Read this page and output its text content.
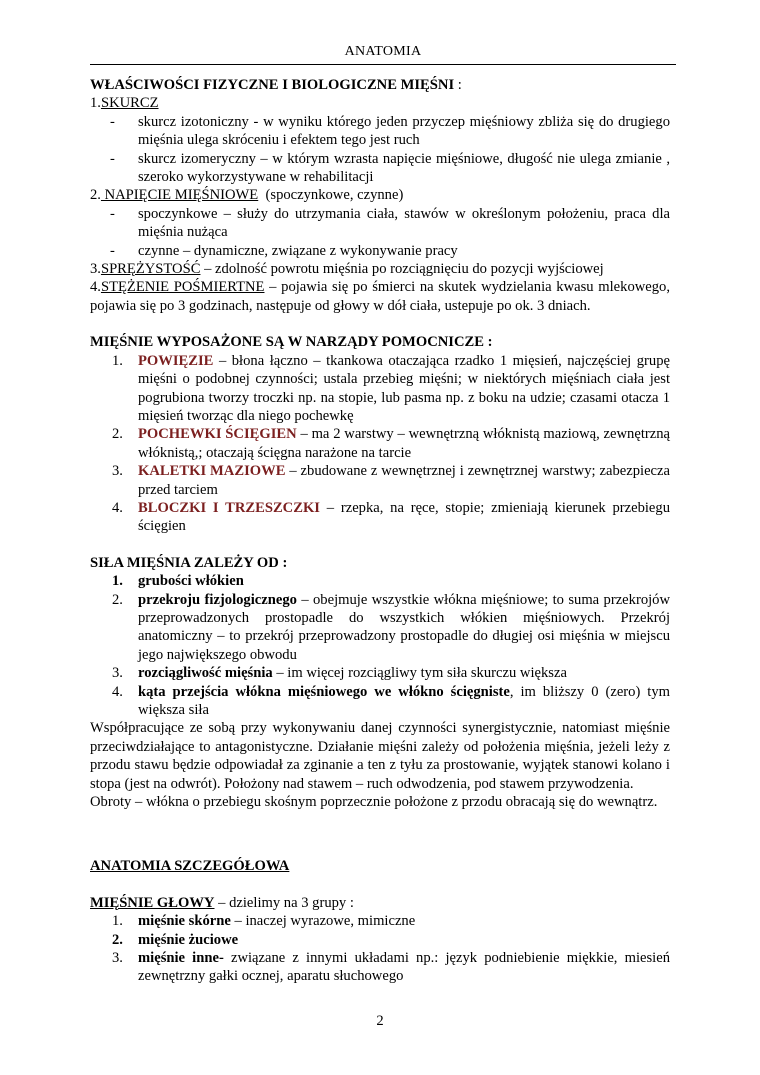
ANATOMIA

WŁAŚCIWOŚCI FIZYCZNE I BIOLOGICZNE MIĘŚNI :

1.SKURCZ

- skurcz izotoniczny - w wyniku którego jeden przyczep mięśniowy zbliża się do drugiego mięśnia ulega skróceniu i efektem tego jest ruch
- skurcz izomeryczny – w którym wzrasta napięcie mięśniowe, długość nie ulega zmianie , szeroko wykorzystywane w rehabilitacji

2. NAPIĘCIE MIĘŚNIOWE  (spoczynkowe, czynne)

- spoczynkowe – służy do utrzymania ciała, stawów w określonym położeniu, praca dla mięśnia nużąca
- czynne – dynamiczne, związane z wykonywanie pracy

3.SPRĘŻYSTOŚĆ – zdolność powrotu mięśnia po rozciągnięciu do pozycji wyjściowej

4.STĘŻENIE POŚMIERTNE – pojawia się po śmierci na skutek wydzielania kwasu mlekowego, pojawia się po 3 godzinach, następuje od głowy w dół ciała, ustepuje po ok. 3 dniach.

MIĘŚNIE WYPOSAŻONE SĄ W NARZĄDY POMOCNICZE :

1. POWIĘZIE – błona łączno – tkankowa otaczająca rzadko 1 mięsień, najczęściej grupę mięśni o podobnej czynności; ustala przebieg mięśni; w niektórych mięśniach ciała jest pogrubiona tworzy troczki np. na stopie, lub pasma np. z boku na udzie; czasami otacza 1 mięsień tworząc dla niego pochewkę
2. POCHEWKI ŚCIĘGIEN – ma 2 warstwy – wewnętrzną włóknistą maziową, zewnętrzną włóknistą,; otaczają ścięgna narażone na tarcie
3. KALETKI MAZIOWE – zbudowane z wewnętrznej i zewnętrznej warstwy; zabezpiecza przed tarciem
4. BLOCZKI I TRZESZCZKI – rzepka, na ręce, stopie; zmieniają kierunek przebiegu ścięgien

SIŁA MIĘŚNIA ZALEŻY OD :

1. grubości włókien
2. przekroju fizjologicznego – obejmuje wszystkie włókna mięśniowe; to suma przekrojów przeprowadzonych prostopadle do wszystkich włókien mięśniowych. Przekrój anatomiczny – to przekrój przeprowadzony prostopadle do długiej osi mięśnia w miejscu jego największego obwodu
3. rozciągliwość mięśnia – im więcej rozciągliwy tym siła skurczu większa
4. kąta przejścia włókna mięśniowego we włókno ścięgniste, im bliższy 0 (zero) tym większa siła

Współpracujące ze sobą przy wykonywaniu danej czynności synergistycznie, natomiast mięśnie przeciwdziałające to antagonistyczne. Działanie mięśni zależy od położenia mięśnia, jeżeli leży z przodu stawu będzie odpowiadał za zginanie a ten z tyłu za prostowanie, wyjątek stanowi kolano i stopa (jest na odwrót). Położony nad stawem – ruch odwodzenia, pod stawem przywodzenia.

Obroty – włókna o przebiegu skośnym poprzecznie położone z przodu obracają się do wewnątrz.

ANATOMIA SZCZEGÓŁOWA

MIĘŚNIE GŁOWY – dzielimy na 3 grupy :

1. mięśnie skórne – inaczej wyrazowe, mimiczne
2. mięśnie żuciowe
3. mięśnie inne- związane z innymi układami np.: język podniebienie miękkie, miesień zewnętrzny gałki ocznej, aparatu słuchowego
2
